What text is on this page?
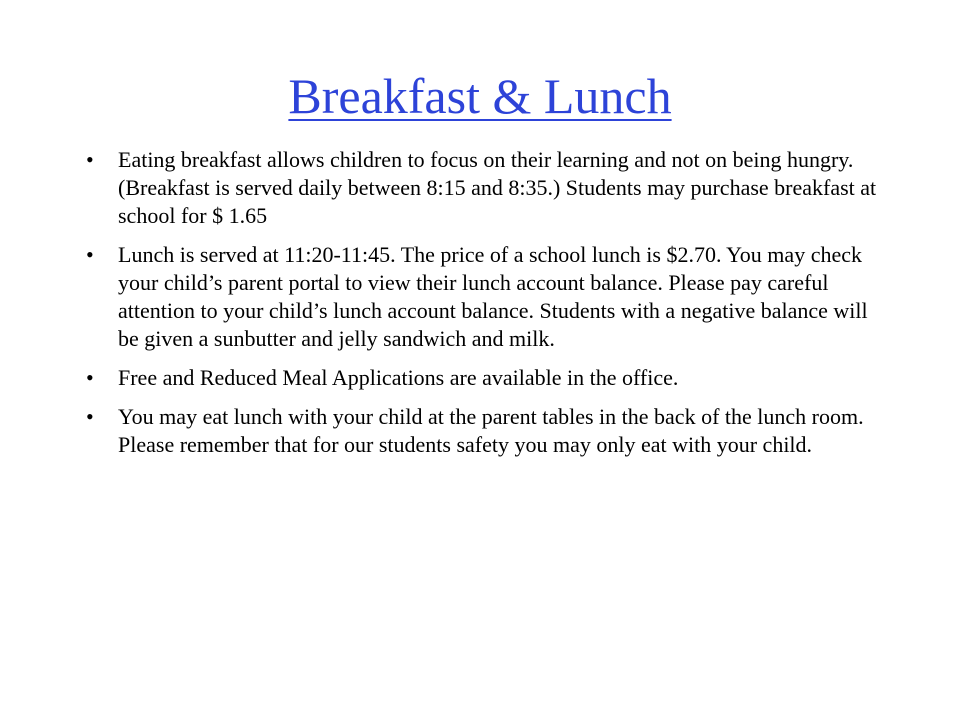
Breakfast & Lunch
•	Eating breakfast allows children to focus on their learning and not on being hungry. (Breakfast is served daily between 8:15 and 8:35.) Students may purchase breakfast at school for $ 1.65
•	Lunch is served at 11:20-11:45. The price of a school lunch is $2.70. You may check your child’s parent portal to view their lunch account balance. Please pay careful attention to your child’s lunch account balance. Students with a negative balance will be given a sunbutter and jelly sandwich and milk.
•	Free and Reduced Meal Applications are available in the office.
•	You may eat lunch with your child at the parent tables in the back of the lunch room. Please remember that for our students safety you may only eat with your child.
